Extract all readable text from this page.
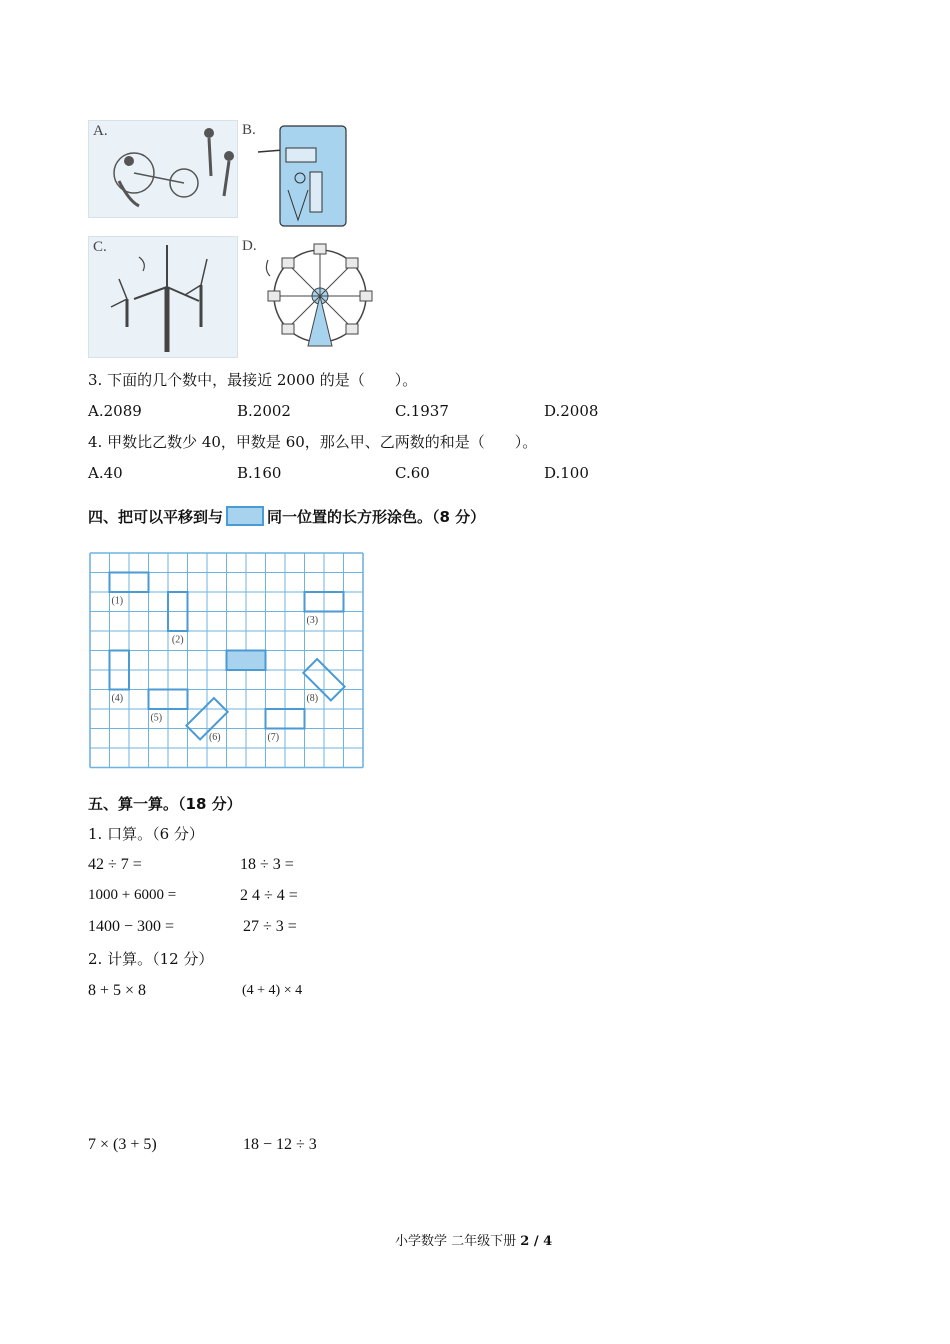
A.	B.
C.	D.
3. 下面的几个数中，最接近 2000 的是（　　）。
A.2089	B.2002	C.1937	D.2008
4. 甲数比乙数少 40，甲数是 60，那么甲、乙两数的和是（　　）。
A.40	B.160	C.60	D.100
四、把可以平移到与	同一位置的长方形涂色。（8 分）
(1)
(2)
(3)
(4)
(5)
(6)	(7)
(8)
五、算一算。（18 分）
1. 口算。（6 分）
42 ÷ 7 =	18 ÷ 3 =
1000 + 6000 =	2 4 ÷ 4 =
1400 − 300 =	27 ÷ 3 =
2. 计算。（12 分）
8 + 5 × 8	(4 + 4) × 4
7 × (3 + 5)	18 − 12 ÷ 3
小学数学 二年级下册 2 / 4
